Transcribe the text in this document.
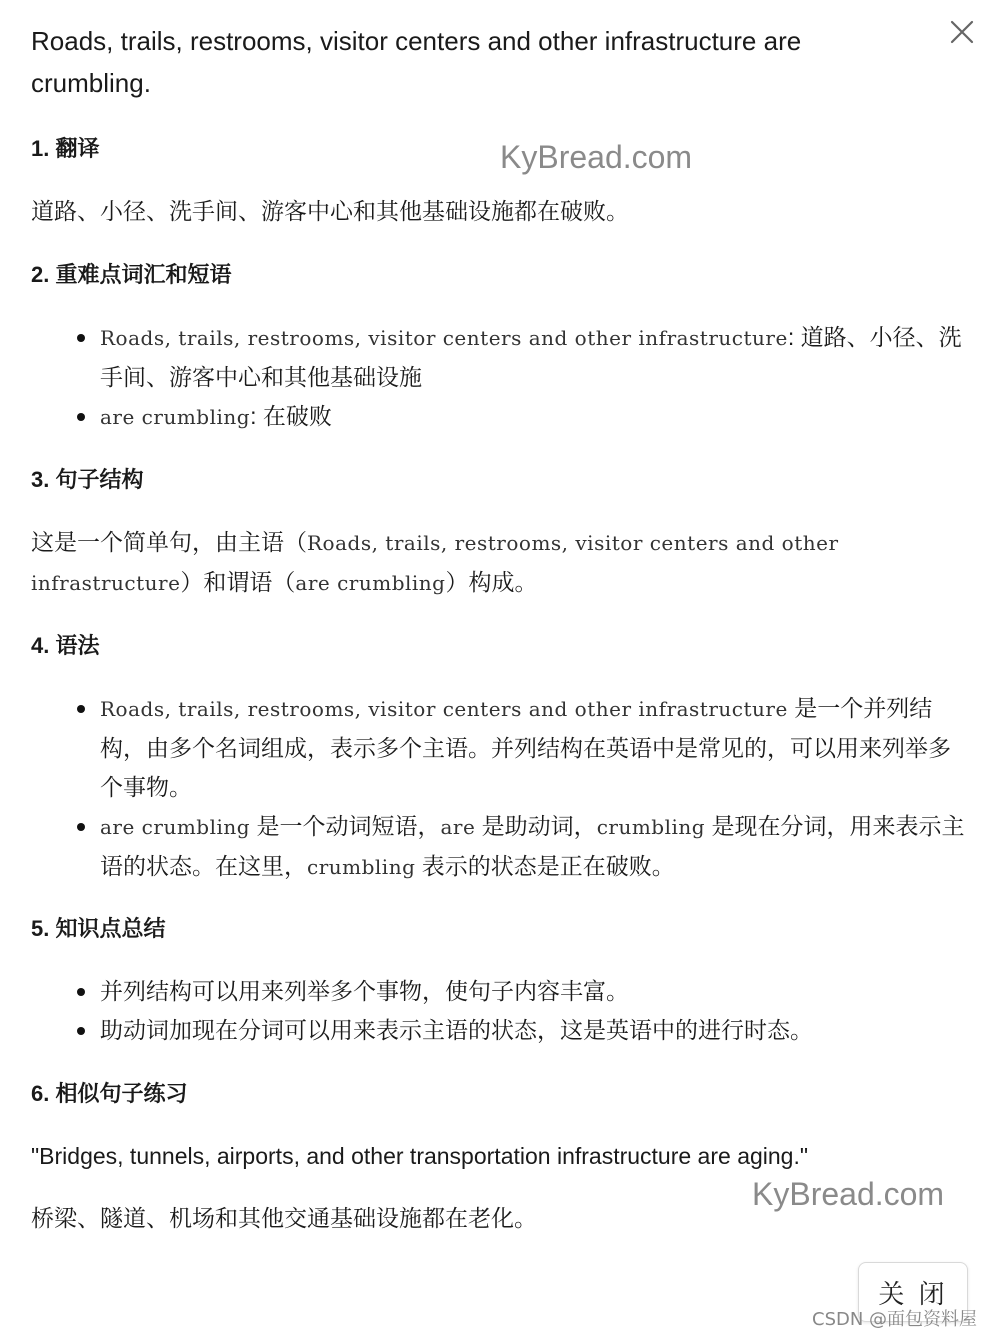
Roads, trails, restrooms, visitor centers and other infrastructure are crumbling.
1. 翻译

道路、小径、洗手间、游客中心和其他基础设施都在破败。

2. 重难点词汇和短语
Roads, trails, restrooms, visitor centers and other infrastructure: 道路、小径、洗手间、游客中心和其他基础设施
are crumbling: 在破败
3. 句子结构

这是一个简单句，由主语（Roads, trails, restrooms, visitor centers and other infrastructure）和谓语（are crumbling）构成。

4. 语法
Roads, trails, restrooms, visitor centers and other infrastructure 是一个并列结构，由多个名词组成，表示多个主语。并列结构在英语中是常见的，可以用来列举多个事物。
are crumbling 是一个动词短语，are 是助动词，crumbling 是现在分词，用来表示主语的状态。在这里，crumbling 表示的状态是正在破败。
5. 知识点总结
并列结构可以用来列举多个事物，使句子内容丰富。
助动词加现在分词可以用来表示主语的状态，这是英语中的进行时态。
6. 相似句子练习

"Bridges, tunnels, airports, and other transportation infrastructure are aging."

桥梁、隧道、机场和其他交通基础设施都在老化。

KyBread.com
KyBread.com
关 闭
CSDN @面包资料屋
